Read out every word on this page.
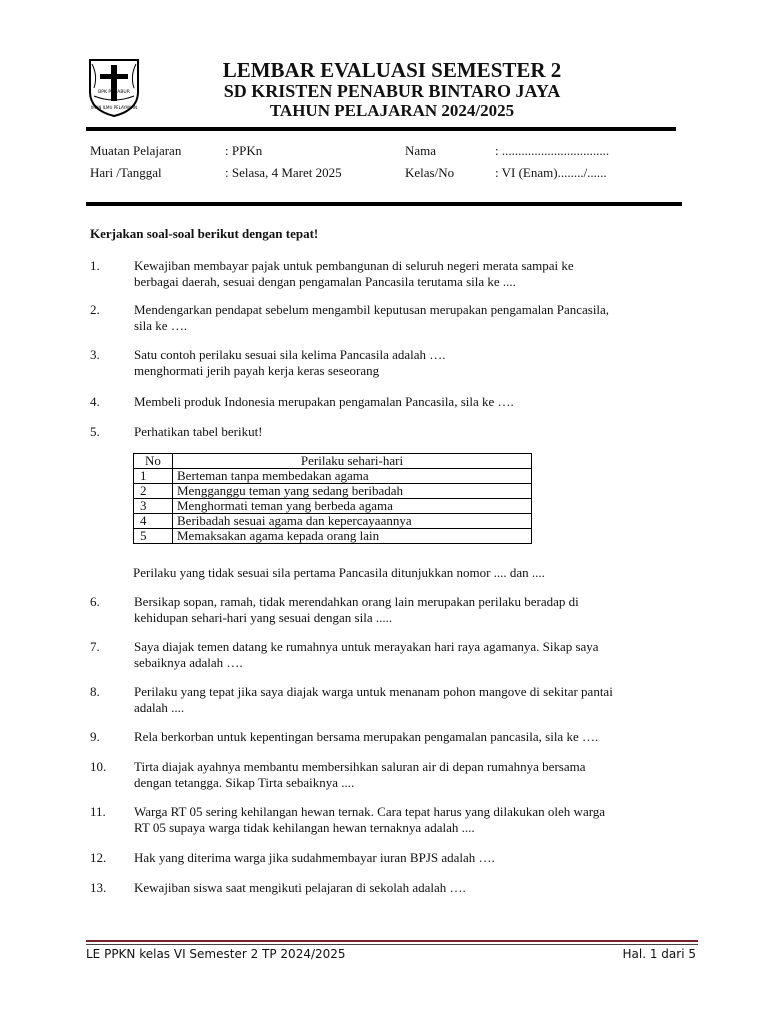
BPK PENABUR
IMAN ILMU PELAYANAN
LEMBAR EVALUASI SEMESTER 2
SD KRISTEN PENABUR BINTARO JAYA
TAHUN PELAJARAN 2024/2025
Muatan Pelajaran	: PPKn	Nama	: .................................
Hari /Tanggal	: Selasa, 4 Maret 2025	Kelas/No	: VI (Enam)......../......
Kerjakan soal-soal berikut dengan tepat!
1.	Kewajiban membayar pajak untuk pembangunan di seluruh negeri merata sampai ke
berbagai daerah, sesuai dengan pengamalan Pancasila terutama sila ke ....
2.	Mendengarkan pendapat sebelum mengambil keputusan merupakan pengamalan Pancasila,
sila ke ….
3.	Satu contoh perilaku sesuai sila kelima Pancasila adalah ….
menghormati jerih payah kerja keras seseorang
4.	Membeli produk Indonesia merupakan pengamalan Pancasila, sila ke ….
5.	Perhatikan tabel berikut!
No	Perilaku sehari-hari
1	Berteman tanpa membedakan agama
2	Mengganggu teman yang sedang beribadah
3	Menghormati teman yang berbeda agama
4	Beribadah sesuai agama dan kepercayaannya
5	Memaksakan agama kepada orang lain
Perilaku yang tidak sesuai sila pertama Pancasila ditunjukkan nomor .... dan ....
6.	Bersikap sopan, ramah, tidak merendahkan orang lain merupakan perilaku beradap di
kehidupan sehari-hari yang sesuai dengan sila .....
7.	Saya diajak temen datang ke rumahnya untuk merayakan hari raya agamanya. Sikap saya
sebaiknya adalah ….
8.	Perilaku yang tepat jika saya diajak warga untuk menanam pohon mangove di sekitar pantai
adalah ....
9.	Rela berkorban untuk kepentingan bersama merupakan pengamalan pancasila, sila ke ….
10. Tirta diajak ayahnya membantu membersihkan saluran air di depan rumahnya bersama
dengan tetangga. Sikap Tirta sebaiknya ....
11. Warga RT 05 sering kehilangan hewan ternak. Cara tepat harus yang dilakukan oleh warga
RT 05 supaya warga tidak kehilangan hewan ternaknya adalah ....
12. Hak yang diterima warga jika sudahmembayar iuran BPJS adalah ….
13. Kewajiban siswa saat mengikuti pelajaran di sekolah adalah ….
LE PPKN kelas VI Semester 2 TP 2024/2025	Hal. 1 dari 5
